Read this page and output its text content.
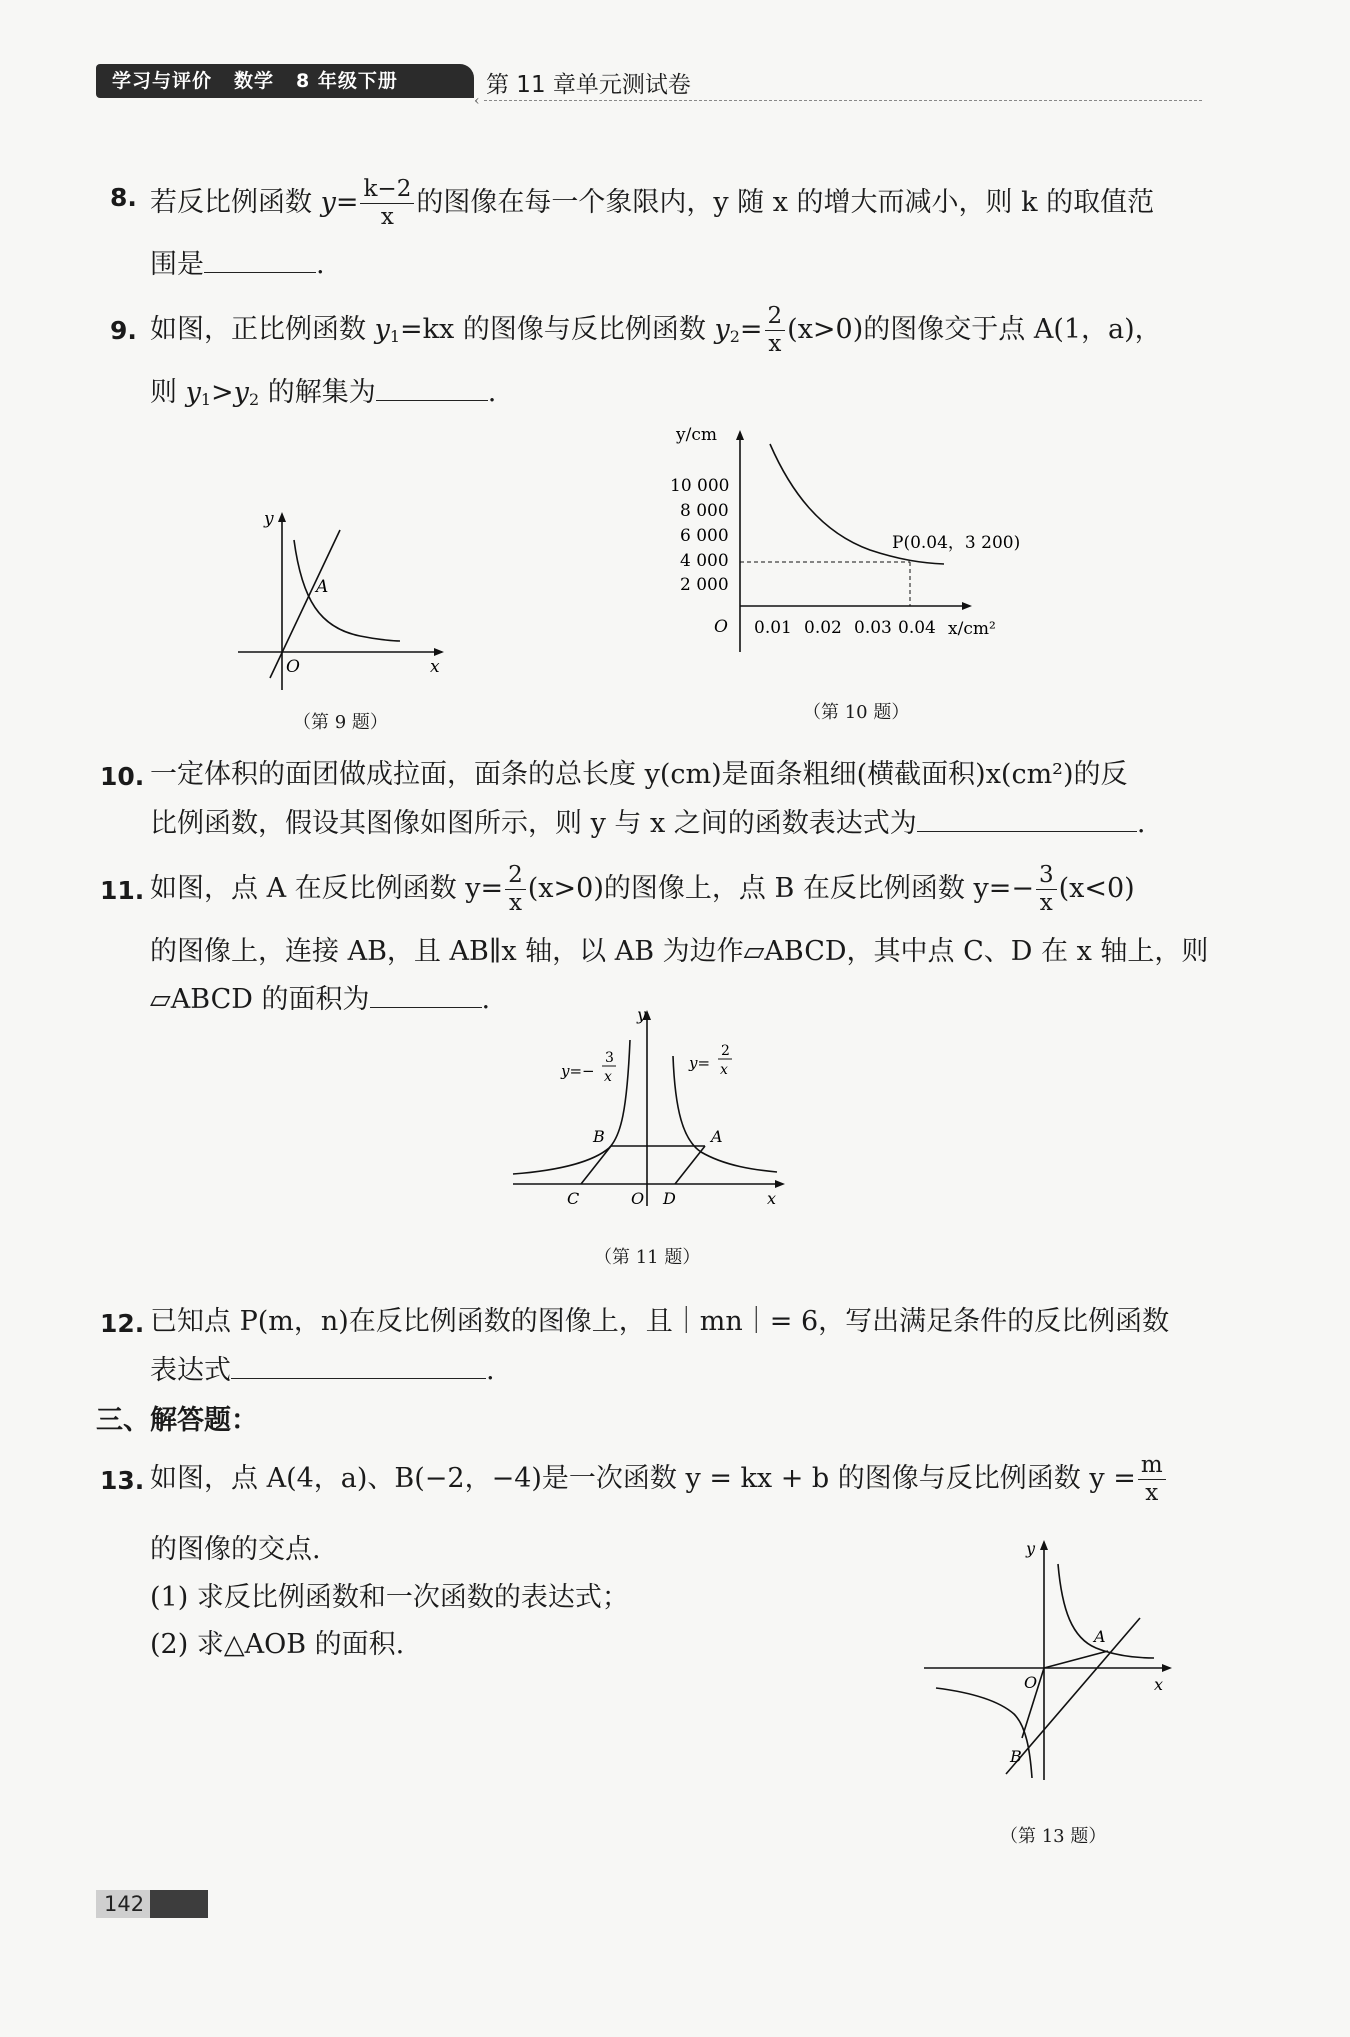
学习与评价 数学 8 年级下册
‹
第 11 章单元测试卷
8. 若反比例函数 $y= \frac{k-2}{x}$ 的图像在每一个象限内，y 随 x 的增大而减小，则 k 的取值范
围是	.
9. 如图，正比例函数 $y_1=kx$ 的图像与反比例函数 $y_2= \frac{2}{x} (x>0)$的图像交于点 A(1，a)，
则 $y_1>y_2$ 的解集为	.
y
x
O
A
（第 9 题）
y/cm
x/cm²
O
10 000
8 000
6 000
4 000
2 000
0.01 0.02 0.03 0.04
P(0.04，3 200)
（第 10 题）
10. 一定体积的面团做成拉面，面条的总长度 y(cm)是面条粗细(横截面积)x(cm²)的反
比例函数，假设其图像如图所示，则 y 与 x 之间的函数表达式为	.
11. 如图，点 A 在反比例函数 $y= \frac{2}{x} (x>0)$的图像上，点 B 在反比例函数 $y=- \frac{3}{x} (x<0)$
的图像上，连接 AB，且 AB∥x 轴，以 AB 为边作▱ABCD，其中点 C、D 在 x 轴上，则
▱ABCD 的面积为	.	y
x
O
A
B
C	D
y=−
3
x
y=
2
x
（第 11 题）
12. 已知点 P(m，n)在反比例函数的图像上，且｜mn｜= 6，写出满足条件的反比例函数
表达式	.
三、解答题：
13. 如图，点 A(4，a)、B(−2，−4)是一次函数 y = kx + b 的图像与反比例函数 $y = \frac{m}{x}$
的图像的交点.
(1) 求反比例函数和一次函数的表达式；
(2) 求△AOB 的面积.
y
x
O
A
B
（第 13 题）
142
